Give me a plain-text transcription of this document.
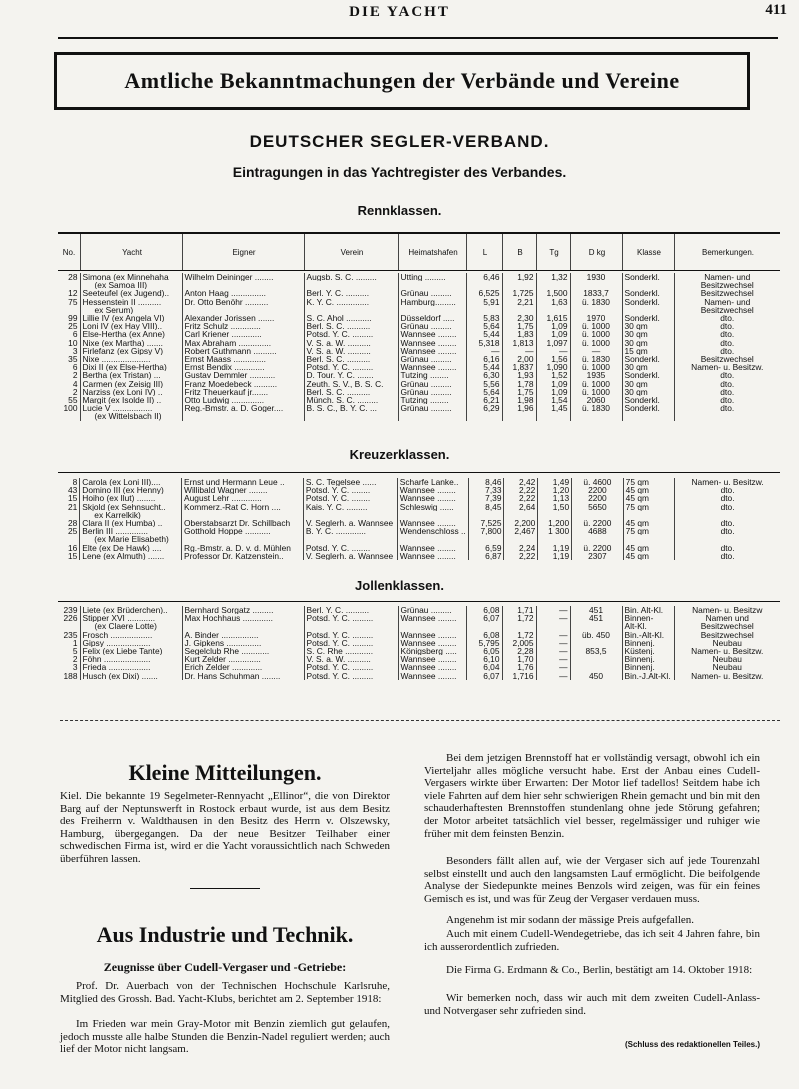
DIE YACHT	411
Amtliche Bekanntmachungen der Verbände und Vereine
DEUTSCHER SEGLER-VERBAND.
Eintragungen in das Yachtregister des Verbandes.
Rennklassen.
No.	Yacht	Eigner	Verein	Heimatshafen	L	B	Tg	D kg	Klasse	Bemerkungen.
28	Simona (ex Minnehaha	Wilhelm Deininger ........	Augsb. S. C. .........	Utting .........	6,46	1,92	1,32	1930	Sonderkl.	Namen- und
	(ex Samoa III)									Besitzwechsel
12	Seeteufel (ex Jugend)..	Anton Haag ...............	Berl. Y. C. ..........	Grünau .........	6,525	1,725	1,500	1833,7	Sonderkl.	Besitzwechsel
75	Hessenstein II ..........	Dr. Otto Benöhr ..........	K. Y. C. ..............	Hamburg.........	5,91	2,21	1,63	ü. 1830	Sonderkl.	Namen- und
	ex Serum)									Besitzwechsel
99	Lillie IV (ex Angela VI)	Alexander Jorissen .......	S. C. Ahol ...........	Düsseldorf .....	5,83	2,30	1,615	1970	Sonderkl.	dto.
25	Loni IV (ex Hay VIII)..	Fritz Schulz .............	Berl. S. C. ..........	Grünau .........	5,64	1,75	1,09	ü. 1000	30 qm	dto.
6	Else-Hertha (ex Anne)	Carl Kriener .............	Potsd. Y. C. .........	Wannsee ........	5,44	1,83	1,09	ü. 1000	30 qm	dto.
10	Nixe (ex Martha) .......	Max Abraham ..............	V. S. a. W. ..........	Wannsee ........	5,318	1,813	1,097	ü. 1000	30 qm	dto.
3	Firlefanz (ex Gipsy V)	Robert Guthmann ..........	V. S. a. W. ..........	Wannsee ........	—	—	—	—	15 qm	dto.
35	Nixe .....................	Ernst Maass ..............	Berl. S. C. ..........	Grünau .........	6,16	2,00	1,56	ü. 1830	Sonderkl.	Besitzwechsel
6	Dixi II (ex Else-Hertha)	Ernst Bendix .............	Potsd. Y. C. .........	Wannsee ........	5,44	1,837	1,090	ü. 1000	30 qm	Namen- u. Besitzw.
2	Bertha (ex Tristan) ...	Gustav Demmler ...........	D. Tour. Y. C. .......	Tutzing ........	6,30	1,93	1,52	1935	Sonderkl.	dto.
4	Carmen (ex Zeisig III)	Franz Moedebeck ..........	Zeuth. S. V., B. S. C.	Grünau .........	5,56	1,78	1,09	ü. 1000	30 qm	dto.
2	Narziss (ex Loni IV) ..	Fritz Theuerkauf jr.......	Berl. S. C. ..........	Grünau .........	5,64	1,75	1,09	ü. 1000	30 qm	dto.
55	Margit (ex Isolde II) ..	Otto Ludwig ..............	Münch. S. C. .........	Tutzing ........	6,21	1,98	1,54	2060	Sonderkl.	dto.
100	Lucie V .................	Reg.-Bmstr. a. D. Goger....	B. S. C., B. Y. C. ...	Grünau .........	6,29	1,96	1,45	ü. 1830	Sonderkl.	dto.
	(ex Wittelsbach II)									
Kreuzerklassen.
8	Carola (ex Loni III)....	Ernst und Hermann Leue ..	S. C. Tegelsee ......	Scharfe Lanke..	8,46	2,42	1,49	ü. 4600	75 qm	Namen- u. Besitzw.
43	Domino III (ex Henny)	Willibald Wagner ........	Potsd. Y. C. ........	Wannsee ........	7,33	2,22	1,20	2200	45 qm	dto.
15	Hoiho (ex Ilut) ........	August Lehr .............	Potsd. Y. C. ........	Wannsee ........	7,39	2,22	1,13	2200	45 qm	dto.
21	Skjold (ex Sehnsucht..	Kommerz.-Rat C. Horn ....	Kais. Y. C. .........	Schleswig ......	8,45	2,64	1,50	5650	75 qm	dto.
	ex Karrelkik)									
28	Clara II (ex Humba) ..	Oberstabsarzt Dr. Schillbach	V. Seglerh. a. Wannsee	Wannsee ........	7,525	2,200	1,200	ü. 2200	45 qm	dto.
25	Berlin III ..............	Gotthold Hoppe ...........	B. Y. C. .............	Wendenschloss ..	7,800	2,467	1 300	4688	75 qm	dto.
	(ex Marie Elisabeth)									
16	Elte (ex De Hawk) ....	Rg.-Bmstr. a. D. v. d. Mühlen	Potsd. Y. C. ........	Wannsee ........	6,59	2,24	1,19	ü. 2200	45 qm	dto.
15	Lene (ex Almuth) .......	Professor Dr. Katzenstein..	V. Seglerh. a. Wannsee	Wannsee ........	6,87	2,22	1,19	2307	45 qm	dto.
Jollenklassen.
239	Liete (ex Brüderchen)..	Bernhard Sorgatz .........	Berl. Y. C. ..........	Grünau .........	6,08	1,71	—	451	Bin. Alt-Kl.	Namen- u. Besitzw
226	Stipper XVI ............	Max Hochhaus .............	Potsd. Y. C. .........	Wannsee ........	6,07	1,72	—	451	Binnen-	Namen und
	(ex Claere Lotte)								Alt-Kl.	Besitzwechsel
235	Frosch ..................	A. Binder ................	Potsd. Y. C. .........	Wannsee ........	6,08	1,72	—	üb. 450	Bin.-Alt-Kl.	Besitzwechsel
1	Gipsy ...................	J. Gipkens ...............	Potsd. Y. C. .........	Wannsee ........	5,795	2,005	—		Binnenj.	Neubau
5	Felix (ex Liebe Tante)	Segelclub Rhe ............	S. C. Rhe ............	Königsberg .....	6,05	2,28	—	853,5	Küstenj.	Namen- u. Besitzw.
2	Föhn ....................	Kurt Zelder ..............	V. S. a. W. ..........	Wannsee ........	6,10	1,70	—		Binnenj.	Neubau
3	Frieda ..................	Erich Zelder .............	Potsd. Y. C. .........	Wannsee ........	6,04	1,76	—		Binnenj.	Neubau
188	Husch (ex Dixi) .......	Dr. Hans Schuhman ........	Potsd. Y. C. .........	Wannsee ........	6,07	1,716	—	450	Bin.-J.Alt-Kl.	Namen- u. Besitzw.
Kleine Mitteilungen.
Kiel. Die bekannte 19 Segelmeter-Rennyacht „Ellinor“, die von Direktor Barg auf der Neptunswerft in Rostock erbaut wurde, ist aus dem Besitz des Freiherrn v. Waldthausen in den Besitz des Herrn v. Olszewsky, Hamburg, übergegangen. Da der neue Besitzer Teilhaber einer schwedischen Firma ist, wird er die Yacht voraussichtlich nach Schweden überführen lassen.
Aus Industrie und Technik.
Zeugnisse über Cudell-Vergaser und -Getriebe:
Prof. Dr. Auerbach von der Technischen Hochschule Karlsruhe, Mitglied des Grossh. Bad. Yacht-Klubs, berichtet am 2. September 1918:
Im Frieden war mein Gray-Motor mit Benzin ziemlich gut gelaufen, jedoch musste alle halbe Stunden die Benzin-Nadel reguliert werden; auch lief der Motor nicht langsam.
Bei dem jetzigen Brennstoff hat er vollständig versagt, obwohl ich ein Vierteljahr alles mögliche versucht habe. Erst der Anbau eines Cudell-Vergasers wirkte über Erwarten: Der Motor lief tadellos! Seitdem habe ich viele Fahrten auf dem hier sehr schwierigen Rhein gemacht und bin mit den schauderhaftesten Brennstoffen stundenlang ohne jede Störung gefahren; der Motor arbeitet tatsächlich viel besser, regelmässiger und ruhiger wie früher mit dem feinsten Benzin.
Besonders fällt allen auf, wie der Vergaser sich auf jede Tourenzahl selbst einstellt und auch den langsamsten Lauf ermöglicht. Die beifolgende Analyse der Siedepunkte meines Benzols wird zeigen, was für ein feines Gemisch es ist, und was für Zeug der Vergaser verdauen muss.
Angenehm ist mir sodann der mässige Preis aufgefallen.
Auch mit einem Cudell-Wendegetriebe, das ich seit 4 Jahren fahre, bin ich ausserordentlich zufrieden.
Die Firma G. Erdmann & Co., Berlin, bestätigt am 14. Oktober 1918:
Wir bemerken noch, dass wir auch mit dem zweiten Cudell-Anlass- und Notvergaser sehr zufrieden sind.
(Schluss des redaktionellen Teiles.)
